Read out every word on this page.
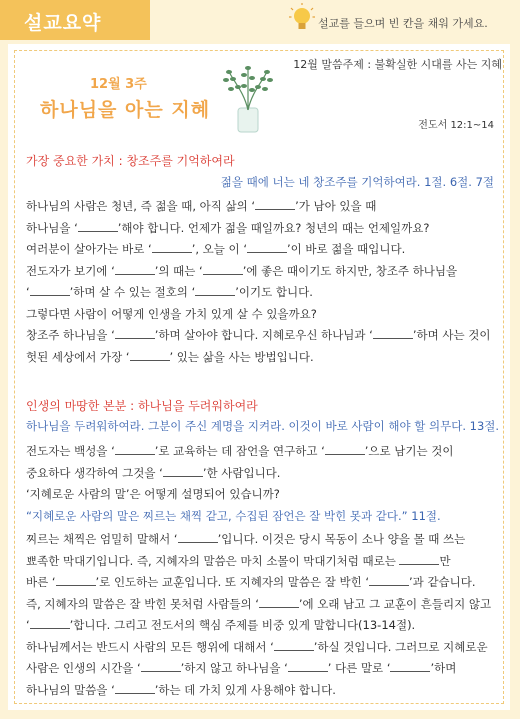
설교요약	설교를 들으며 빈 칸을 채워 가세요.
12월 말씀주제 : 불확실한 시대를 사는 지혜
12월 3주
하나님을 아는 지혜
전도서 12:1~14
가장 중요한 가치 : 창조주를 기억하여라
젊을 때에 너는 네 창조주를 기억하여라. 1절. 6절. 7절
하나님의 사람은 청년, 즉 젊을 때, 아직 삶의 ‘	’가 남아 있을 때
하나님을 ‘	’해야 합니다. 언제가 젊을 때일까요? 청년의 때는 언제일까요?
여러분이 살아가는 바로 ‘	’, 오늘 이 ‘	’이 바로 젊을 때입니다.
전도자가 보기에 ‘	’의 때는 ‘	’에 좋은 때이기도 하지만, 창조주 하나님을
‘	’하며 살 수 있는 절호의 ‘	’이기도 합니다.
그렇다면 사람이 어떻게 인생을 가치 있게 살 수 있을까요?
창조주 하나님을 ‘	’하며 살아야 합니다. 지혜로우신 하나님과 ‘	’하며 사는 것이
헛된 세상에서 가장 ‘	’ 있는 삶을 사는 방법입니다.
인생의 마땅한 본분 : 하나님을 두려워하여라
하나님을 두려워하여라. 그분이 주신 계명을 지켜라. 이것이 바로 사람이 해야 할 의무다. 13절.
전도자는 백성을 ‘	’로 교육하는 데 잠언을 연구하고 ‘	’으로 남기는 것이
중요하다 생각하여 그것을 ‘	’한 사람입니다.
‘지혜로운 사람의 말’은 어떻게 설명되어 있습니까?
“지혜로운 사람의 말은 찌르는 채찍 같고, 수집된 잠언은 잘 박힌 못과 같다.” 11절.
찌르는 채찍은 엄밀히 말해서 ‘	’입니다. 이것은 당시 목동이 소나 양을 몰 때 쓰는
뾰족한 막대기입니다. 즉, 지혜자의 말씀은 마치 소몰이 막대기처럼 때로는	만
바른 ‘	’로 인도하는 교훈입니다. 또 지혜자의 말씀은 잘 박힌 ‘	’과 같습니다.
즉, 지혜자의 말씀은 잘 박힌 못처럼 사람들의 ‘	’에 오래 남고 그 교훈이 흔들리지 않고
‘	’합니다. 그리고 전도서의 핵심 주제를 비중 있게 말합니다(13-14절).
하나님께서는 반드시 사람의 모든 행위에 대해서 ‘	’하실 것입니다. 그러므로 지혜로운
사람은 인생의 시간을 ‘	’하지 않고 하나님을 ‘	’ 다른 말로 ‘	’하며
하나님의 말씀을 ‘	’하는 데 가치 있게 사용해야 합니다.
